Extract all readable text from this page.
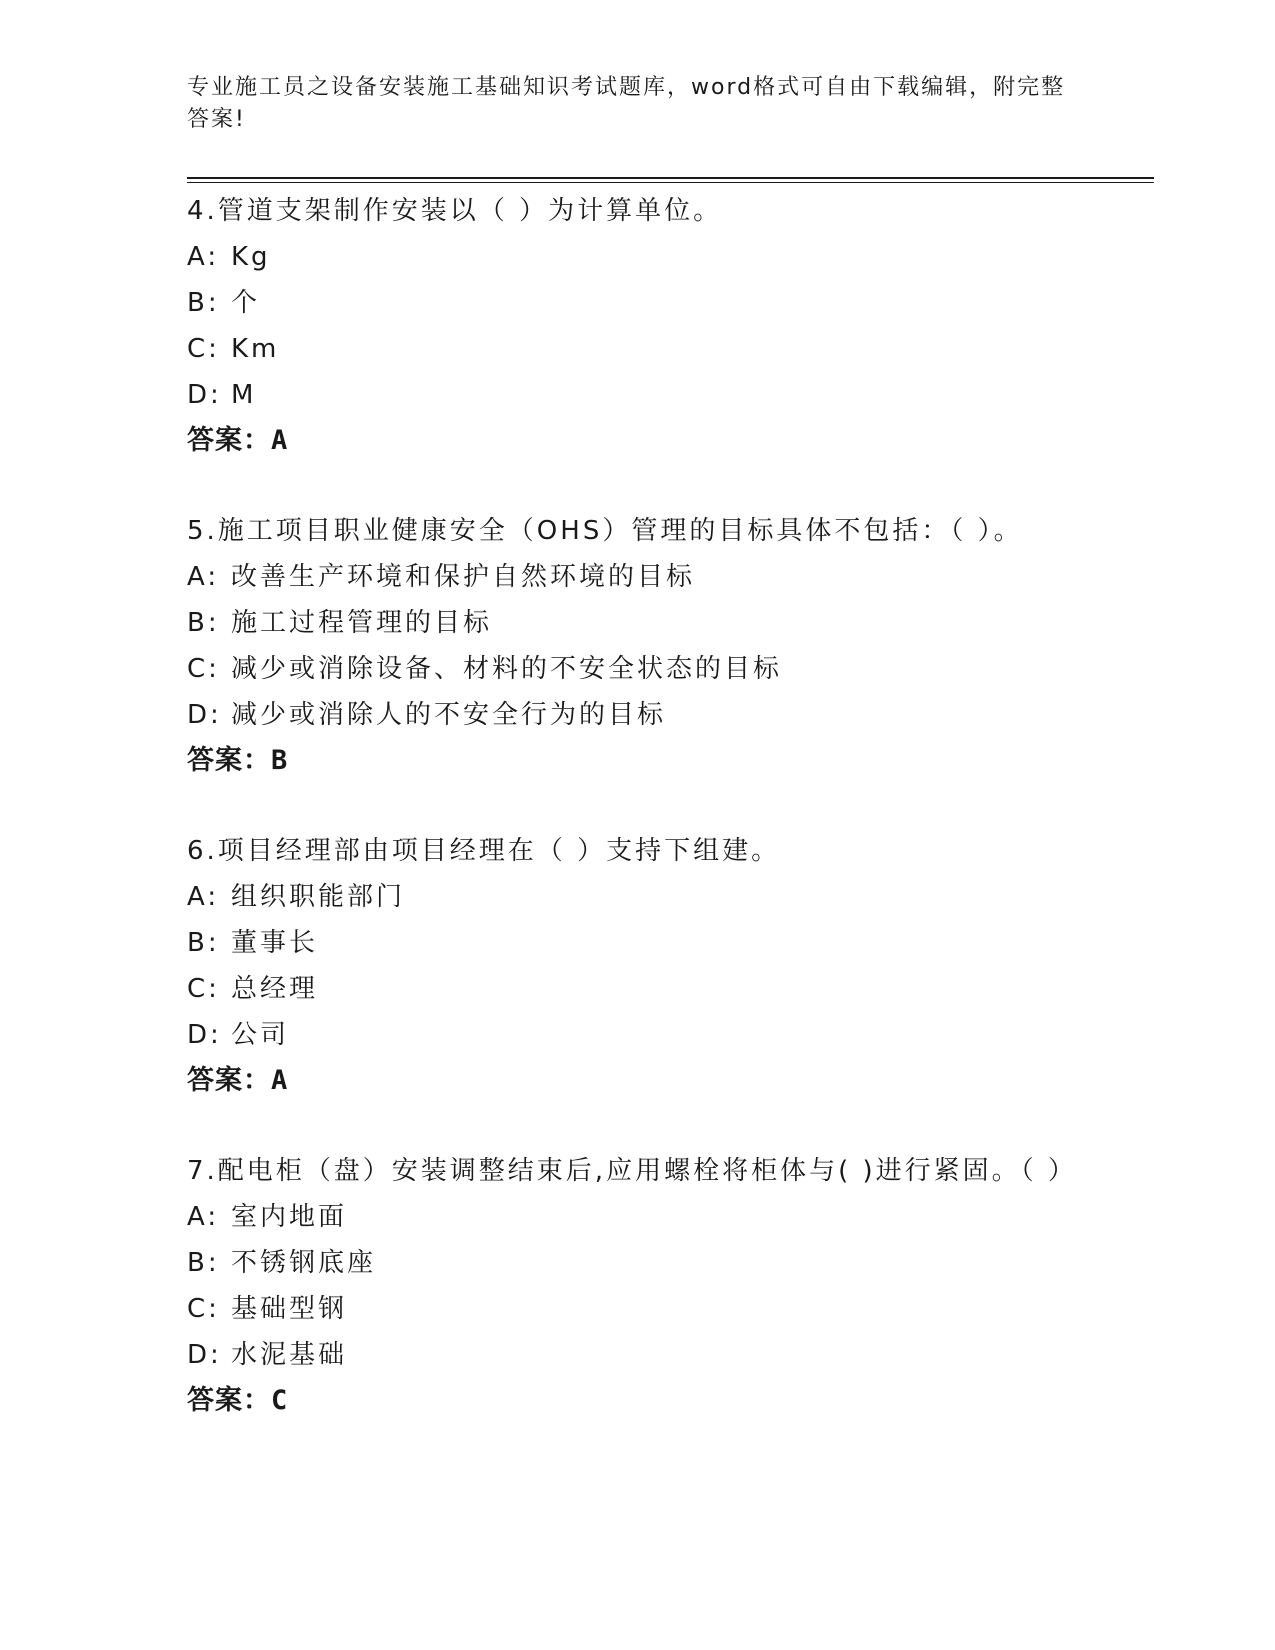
专业施工员之设备安装施工基础知识考试题库，word格式可自由下载编辑，附完整答案!

4.管道支架制作安装以（ ）为计算单位。

A: Kg

B: 个

C: Km

D: M

答案：A

5.施工项目职业健康安全（OHS）管理的目标具体不包括：（ ）。

A: 改善生产环境和保护自然环境的目标

B: 施工过程管理的目标

C: 减少或消除设备、材料的不安全状态的目标

D: 减少或消除人的不安全行为的目标

答案：B

6.项目经理部由项目经理在（ ）支持下组建。

A: 组织职能部门

B: 董事长

C: 总经理

D: 公司

答案：A

7.配电柜（盘）安装调整结束后,应用螺栓将柜体与( )进行紧固。（ ）

A: 室内地面

B: 不锈钢底座

C: 基础型钢

D: 水泥基础

答案：C
